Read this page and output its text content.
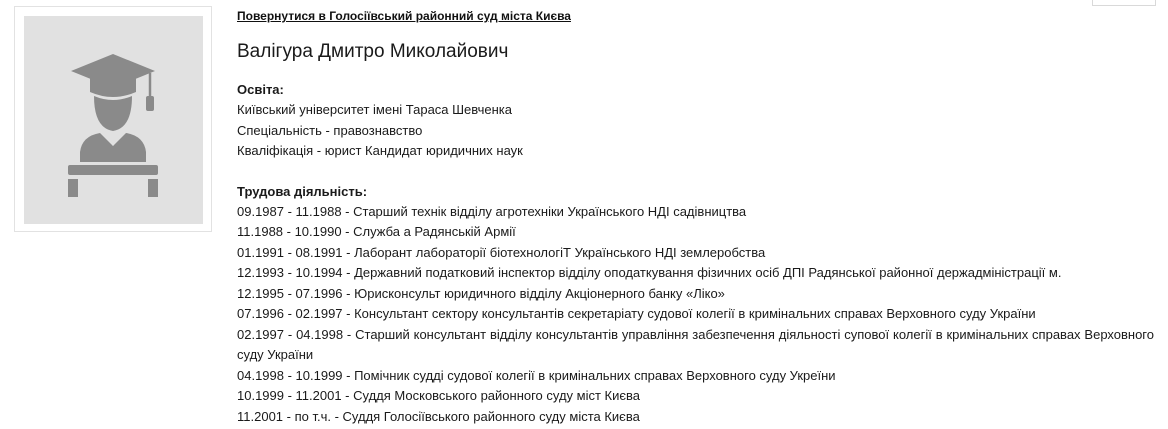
Повернутися в Голосіївський районний суд міста Києва
Валігура Дмитро Миколайович
Освіта:
Київський університет імені Тараса Шевченка
Спеціальність - правознавство
Кваліфікація - юрист Кандидат юридичних наук
Трудова діяльність:
09.1987 - 11.1988 - Старший технік відділу агротехніки Українського НДІ садівництва
11.1988 - 10.1990 - Служба а Радянській Армії
01.1991 - 08.1991 - Лаборант лабораторії біотехнологіТ Українського НДІ землеробства
12.1993 - 10.1994 - Державний податковий інспектор відділу оподаткування фізичних осіб ДПІ Радянської районної держадміністрації м.
12.1995 - 07.1996 - Юрисконсульт юридичного відділу Акціонерного банку «Ліко»
07.1996 - 02.1997 - Консультант сектору консультантів секретаріату судової колегії в кримінальних справах Верховного суду України
02.1997 - 04.1998 - Старший консультант відділу консультантів управління забезпечення діяльності супової колегії в кримінальних справах Верховного суду України
04.1998 - 10.1999 - Помічник судді судової колегії в кримінальних справах Верховного суду Укреїни
10.1999 - 11.2001 - Суддя Московського районного суду міст Києва
11.2001 - по т.ч. - Суддя Голосіївського районного суду міста Києва
